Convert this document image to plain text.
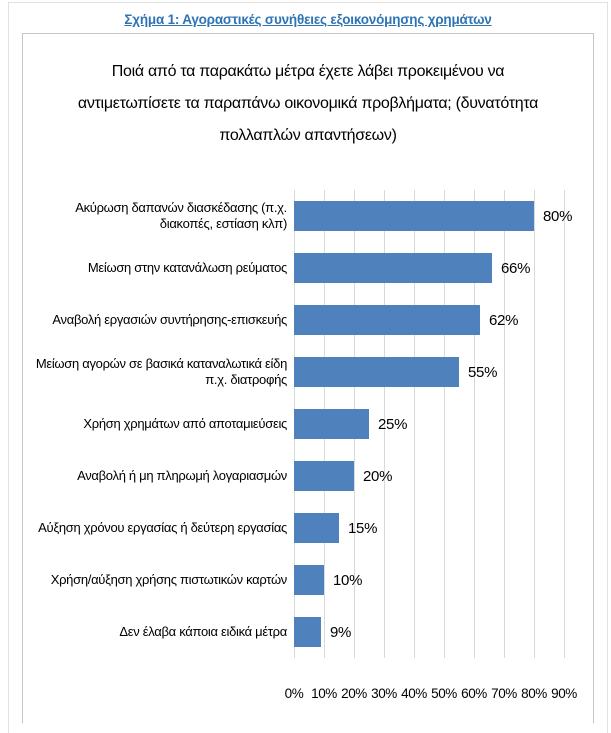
Σχήμα 1: Αγοραστικές συνήθειες εξοικονόμησης χρημάτων
Ποιά από τα παρακάτω μέτρα έχετε λάβει προκειμένου να αντιμετωπίσετε τα παραπάνω οικονομικά προβλήματα; (δυνατότητα πολλαπλών απαντήσεων)
Ακύρωση δαπανών διασκέδασης (π.χ. διακοπές, εστίαση κλπ)	80%
Μείωση στην κατανάλωση ρεύματος	66%
Αναβολή εργασιών συντήρησης-επισκευής	62%
Μείωση αγορών σε βασικά καταναλωτικά είδη π.χ. διατροφής	55%
Χρήση χρημάτων από αποταμιεύσεις	25%
Αναβολή ή μη πληρωμή λογαριασμών	20%
Αύξηση χρόνου εργασίας ή δεύτερη εργασίας	15%
Χρήση/αύξηση χρήσης πιστωτικών καρτών	10%
Δεν έλαβα κάποια ειδικά μέτρα	9%
0% 10% 20% 30% 40% 50% 60% 70% 80% 90%
